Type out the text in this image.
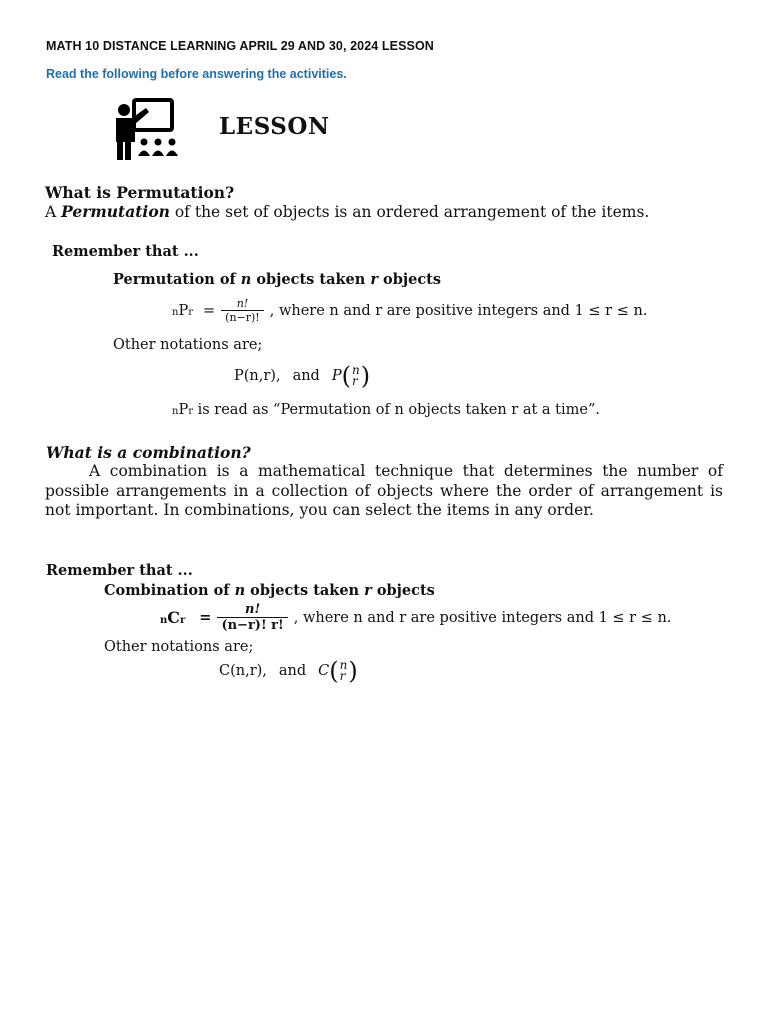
MATH 10 DISTANCE LEARNING APRIL 29 AND 30, 2024 LESSON
Read the following before answering the activities.
LESSON
What is Permutation?
A Permutation of the set of objects is an ordered arrangement of the items.
Remember that ...
Permutation of n objects taken r objects
nPr = $\frac{n!}{(n-r)!}$ , where n and r are positive integers and 1 ≤ r ≤ n.
Other notations are;
P(n,r), and P ( n
r )
nPr is read as “Permutation of n objects taken r at a time”.
What is a combination?
A combination is a mathematical technique that determines the number of possible arrangements in a collection of objects where the order of arrangement is not important. In combinations, you can select the items in any order.
Remember that ...
Combination of n objects taken r objects
nCr = $\frac{n!}{(n-r)! r!}$ , where n and r are positive integers and 1 ≤ r ≤ n.
Other notations are;
C(n,r), and C ( n
r )
